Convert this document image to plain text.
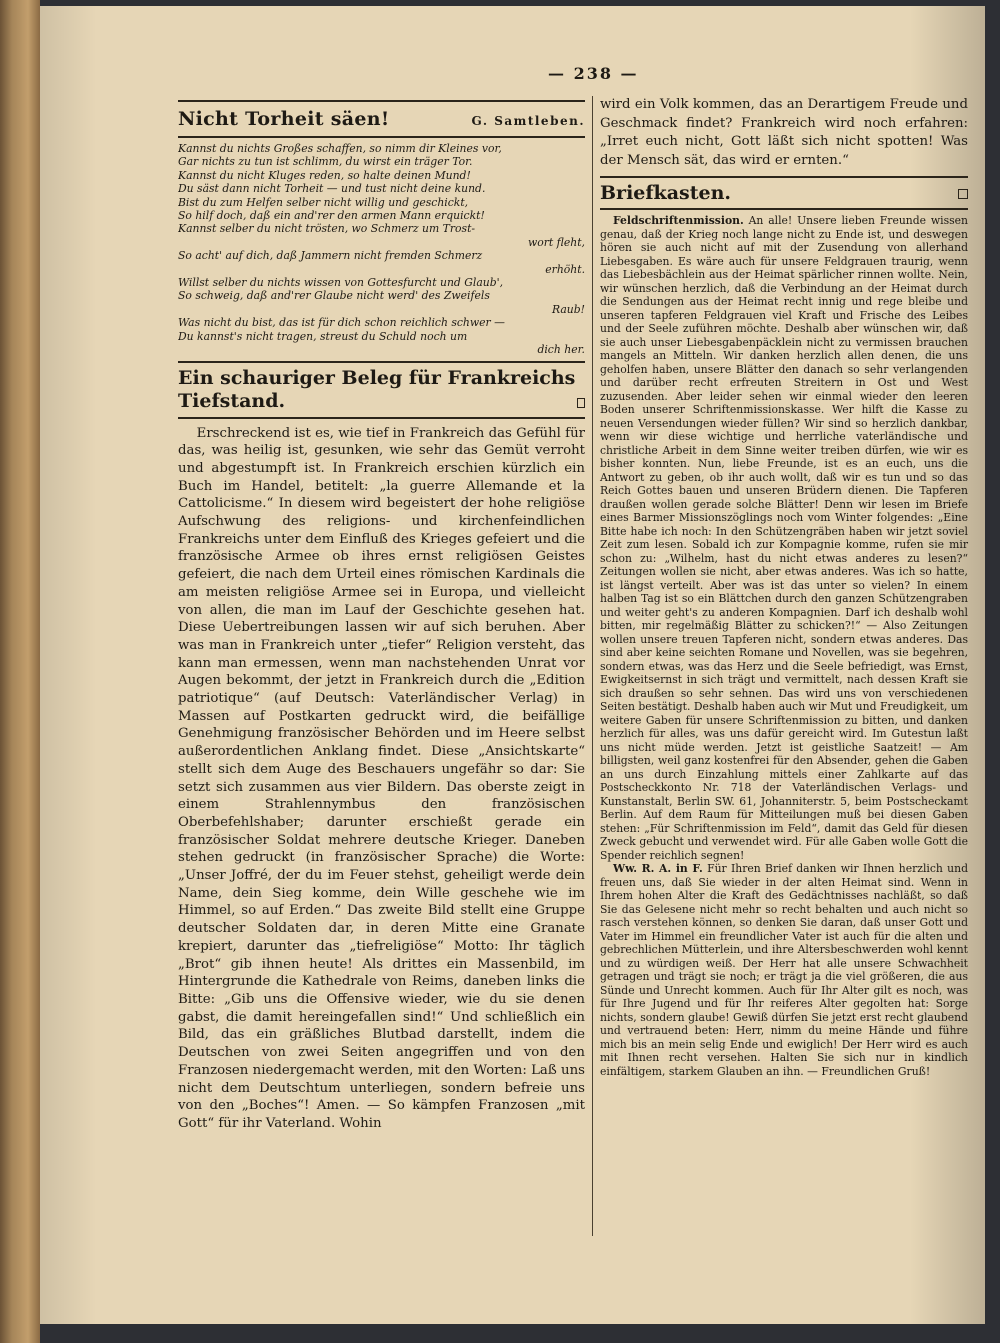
— 238 —
Nicht Torheit säen!	G. Samtleben.
Kannst du nichts Großes schaffen, so nimm dir Kleines vor,
Gar nichts zu tun ist schlimm, du wirst ein träger Tor.
Kannst du nicht Kluges reden, so halte deinen Mund!
Du säst dann nicht Torheit — und tust nicht deine kund.
Bist du zum Helfen selber nicht willig und geschickt,
So hilf doch, daß ein and'rer den armen Mann erquickt!
Kannst selber du nicht trösten, wo Schmerz um Trost-
wort fleht,
So acht' auf dich, daß Jammern nicht fremden Schmerz
erhöht.
Willst selber du nichts wissen von Gottesfurcht und Glaub',
So schweig, daß and'rer Glaube nicht werd' des Zweifels
Raub!
Was nicht du bist, das ist für dich schon reichlich schwer —
Du kannst's nicht tragen, streust du Schuld noch um
dich her.
Ein schauriger Beleg für Frankreichs Tiefstand.

Erschreckend ist es, wie tief in Frankreich das Gefühl für das, was heilig ist, gesunken, wie sehr das Gemüt verroht und abgestumpft ist. In Frankreich erschien kürzlich ein Buch im Handel, betitelt: „la guerre Allemande et la Cattolicisme.“ In diesem wird begeistert der hohe religiöse Aufschwung des religions- und kirchenfeindlichen Frankreichs unter dem Einfluß des Krieges gefeiert und die französische Armee ob ihres ernst religiösen Geistes gefeiert, die nach dem Urteil eines römischen Kardinals die am meisten religiöse Armee sei in Europa, und vielleicht von allen, die man im Lauf der Geschichte gesehen hat. Diese Uebertreibungen lassen wir auf sich beruhen. Aber was man in Frankreich unter „tiefer“ Religion versteht, das kann man ermessen, wenn man nachstehenden Unrat vor Augen bekommt, der jetzt in Frankreich durch die „Edition patriotique“ (auf Deutsch: Vaterländischer Verlag) in Massen auf Postkarten gedruckt wird, die beifällige Genehmigung französischer Behörden und im Heere selbst außerordentlichen Anklang findet. Diese „Ansichtskarte“ stellt sich dem Auge des Beschauers ungefähr so dar: Sie setzt sich zusammen aus vier Bildern. Das oberste zeigt in einem Strahlennymbus den französischen Oberbefehlshaber; darunter erschießt gerade ein französischer Soldat mehrere deutsche Krieger. Daneben stehen gedruckt (in französischer Sprache) die Worte: „Unser Joffré, der du im Feuer stehst, geheiligt werde dein Name, dein Sieg komme, dein Wille geschehe wie im Himmel, so auf Erden.“ Das zweite Bild stellt eine Gruppe deutscher Soldaten dar, in deren Mitte eine Granate krepiert, darunter das „tiefreligiöse“ Motto: Ihr täglich „Brot“ gib ihnen heute! Als drittes ein Massenbild, im Hintergrunde die Kathedrale von Reims, daneben links die Bitte: „Gib uns die Offensive wieder, wie du sie denen gabst, die damit hereingefallen sind!“ Und schließlich ein Bild, das ein gräßliches Blutbad darstellt, indem die Deutschen von zwei Seiten angegriffen und von den Franzosen niedergemacht werden, mit den Worten: Laß uns nicht dem Deutschtum unterliegen, sondern befreie uns von den „Boches“! Amen. — So kämpfen Franzosen „mit Gott“ für ihr Vaterland. Wohin

wird ein Volk kommen, das an Derartigem Freude und Geschmack findet? Frankreich wird noch erfahren: „Irret euch nicht, Gott läßt sich nicht spotten! Was der Mensch sät, das wird er ernten.“
Briefkasten.

Feldschriftenmission. An alle! Unsere lieben Freunde wissen genau, daß der Krieg noch lange nicht zu Ende ist, und deswegen hören sie auch nicht auf mit der Zusendung von allerhand Liebesgaben. Es wäre auch für unsere Feldgrauen traurig, wenn das Liebesbächlein aus der Heimat spärlicher rinnen wollte. Nein, wir wünschen herzlich, daß die Verbindung an der Heimat durch die Sendungen aus der Heimat recht innig und rege bleibe und unseren tapferen Feldgrauen viel Kraft und Frische des Leibes und der Seele zuführen möchte. Deshalb aber wünschen wir, daß sie auch unser Liebesgabenpäcklein nicht zu vermissen brauchen mangels an Mitteln. Wir danken herzlich allen denen, die uns geholfen haben, unsere Blätter den danach so sehr verlangenden und darüber recht erfreuten Streitern in Ost und West zuzusenden. Aber leider sehen wir einmal wieder den leeren Boden unserer Schriftenmissionskasse. Wer hilft die Kasse zu neuen Versendungen wieder füllen? Wir sind so herzlich dankbar, wenn wir diese wichtige und herrliche vaterländische und christliche Arbeit in dem Sinne weiter treiben dürfen, wie wir es bisher konnten. Nun, liebe Freunde, ist es an euch, uns die Antwort zu geben, ob ihr auch wollt, daß wir es tun und so das Reich Gottes bauen und unseren Brüdern dienen. Die Tapferen draußen wollen gerade solche Blätter! Denn wir lesen im Briefe eines Barmer Missionszöglings noch vom Winter folgendes: „Eine Bitte habe ich noch: In den Schützengräben haben wir jetzt soviel Zeit zum lesen. Sobald ich zur Kompagnie komme, rufen sie mir schon zu: „Wilhelm, hast du nicht etwas anderes zu lesen?“ Zeitungen wollen sie nicht, aber etwas anderes. Was ich so hatte, ist längst verteilt. Aber was ist das unter so vielen? In einem halben Tag ist so ein Blättchen durch den ganzen Schützengraben und weiter geht's zu anderen Kompagnien. Darf ich deshalb wohl bitten, mir regelmäßig Blätter zu schicken?!“ — Also Zeitungen wollen unsere treuen Tapferen nicht, sondern etwas anderes. Das sind aber keine seichten Romane und Novellen, was sie begehren, sondern etwas, was das Herz und die Seele befriedigt, was Ernst, Ewigkeitsernst in sich trägt und vermittelt, nach dessen Kraft sie sich draußen so sehr sehnen. Das wird uns von verschiedenen Seiten bestätigt. Deshalb haben auch wir Mut und Freudigkeit, um weitere Gaben für unsere Schriftenmission zu bitten, und danken herzlich für alles, was uns dafür gereicht wird. Im Gutestun laßt uns nicht müde werden. Jetzt ist geistliche Saatzeit! — Am billigsten, weil ganz kostenfrei für den Absender, gehen die Gaben an uns durch Einzahlung mittels einer Zahlkarte auf das Postscheckkonto Nr. 718 der Vaterländischen Verlags- und Kunstanstalt, Berlin SW. 61, Johanniterstr. 5, beim Postscheckamt Berlin. Auf dem Raum für Mitteilungen muß bei diesen Gaben stehen: „Für Schriftenmission im Feld“, damit das Geld für diesen Zweck gebucht und verwendet wird. Für alle Gaben wolle Gott die Spender reichlich segnen!

Ww. R. A. in F. Für Ihren Brief danken wir Ihnen herzlich und freuen uns, daß Sie wieder in der alten Heimat sind. Wenn in Ihrem hohen Alter die Kraft des Gedächtnisses nachläßt, so daß Sie das Gelesene nicht mehr so recht behalten und auch nicht so rasch verstehen können, so denken Sie daran, daß unser Gott und Vater im Himmel ein freundlicher Vater ist auch für die alten und gebrechlichen Mütterlein, und ihre Altersbeschwerden wohl kennt und zu würdigen weiß. Der Herr hat alle unsere Schwachheit getragen und trägt sie noch; er trägt ja die viel größeren, die aus Sünde und Unrecht kommen. Auch für Ihr Alter gilt es noch, was für Ihre Jugend und für Ihr reiferes Alter gegolten hat: Sorge nichts, sondern glaube! Gewiß dürfen Sie jetzt erst recht glaubend und vertrauend beten: Herr, nimm du meine Hände und führe mich bis an mein selig Ende und ewiglich! Der Herr wird es auch mit Ihnen recht versehen. Halten Sie sich nur in kindlich einfältigem, starkem Glauben an ihn. — Freundlichen Gruß!
